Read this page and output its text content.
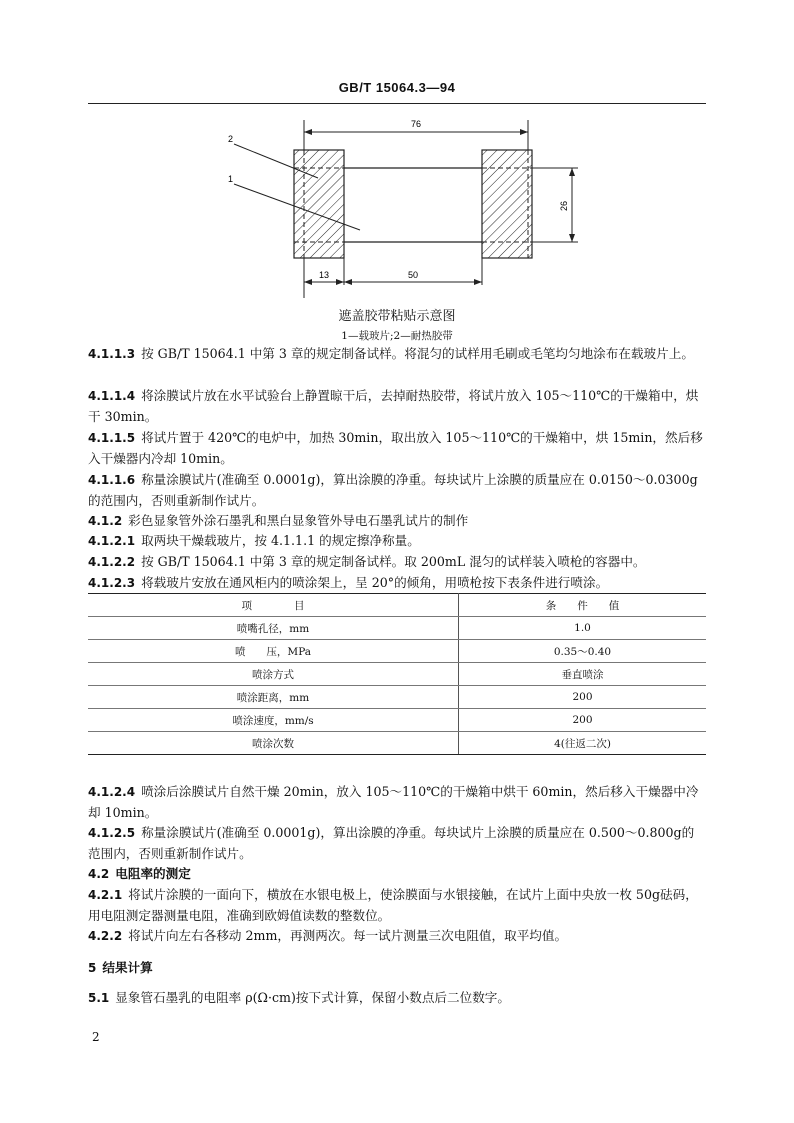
GB/T 15064.3—94
76
26
13	50
2
1
遮盖胶带粘贴示意图
1—载玻片;2—耐热胶带
4.1.1.3 按 GB/T 15064.1 中第 3 章的规定制备试样。将混匀的试样用毛刷或毛笔均匀地涂布在载玻片上。
4.1.1.4 将涂膜试片放在水平试验台上静置晾干后，去掉耐热胶带，将试片放入 105～110℃的干燥箱中，烘干 30min。
4.1.1.5 将试片置于 420℃的电炉中，加热 30min，取出放入 105～110℃的干燥箱中，烘 15min，然后移入干燥器内冷却 10min。
4.1.1.6 称量涂膜试片(准确至 0.0001g)，算出涂膜的净重。每块试片上涂膜的质量应在 0.0150～0.0300g的范围内，否则重新制作试片。
4.1.2 彩色显象管外涂石墨乳和黑白显象管外导电石墨乳试片的制作
4.1.2.1 取两块干燥载玻片，按 4.1.1.1 的规定擦净称量。
4.1.2.2 按 GB/T 15064.1 中第 3 章的规定制备试样。取 200mL 混匀的试样装入喷枪的容器中。
4.1.2.3 将载玻片安放在通风柜内的喷涂架上，呈 20°的倾角，用喷枪按下表条件进行喷涂。
项　　　　目	条　　件　　值
喷嘴孔径，mm	1.0
喷　　压，MPa	0.35～0.40
喷涂方式	垂直喷涂
喷涂距离，mm	200
喷涂速度，mm/s	200
喷涂次数	4(往返二次)
4.1.2.4 喷涂后涂膜试片自然干燥 20min，放入 105～110℃的干燥箱中烘干 60min，然后移入干燥器中冷却 10min。
4.1.2.5 称量涂膜试片(准确至 0.0001g)，算出涂膜的净重。每块试片上涂膜的质量应在 0.500～0.800g的范围内，否则重新制作试片。
4.2 电阻率的测定
4.2.1 将试片涂膜的一面向下，横放在水银电极上，使涂膜面与水银接触，在试片上面中央放一枚 50g砝码，用电阻测定器测量电阻，准确到欧姆值读数的整数位。
4.2.2 将试片向左右各移动 2mm，再测两次。每一试片测量三次电阻值，取平均值。
5 结果计算
5.1 显象管石墨乳的电阻率 ρ(Ω·cm)按下式计算，保留小数点后二位数字。
2
